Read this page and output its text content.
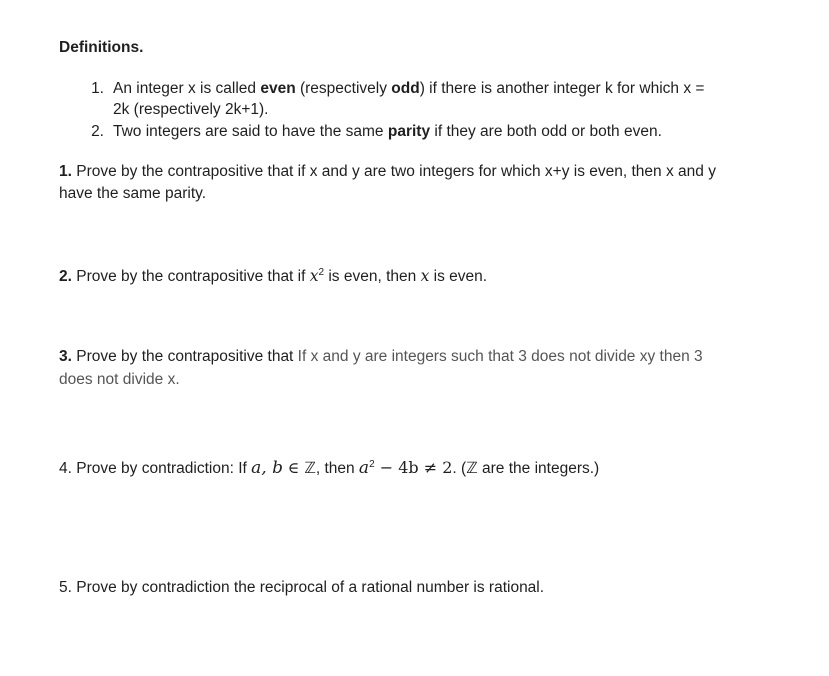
Definitions.
1. An integer x is called even (respectively odd) if there is another integer k for which x =
2k (respectively 2k+1).
2. Two integers are said to have the same parity if they are both odd or both even.
1. Prove by the contrapositive that if x and y are two integers for which x+y is even, then x and y
have the same parity.
2. Prove by the contrapositive that if $x^2$ is even, then x is even.
3. Prove by the contrapositive that If x and y are integers such that 3 does not divide xy then 3
does not divide x.
4. Prove by contradiction: If a, b ∈ ℤ, then $a^2 - 4b \ne 2$. (ℤ are the integers.)
5. Prove by contradiction the reciprocal of a rational number is rational.
